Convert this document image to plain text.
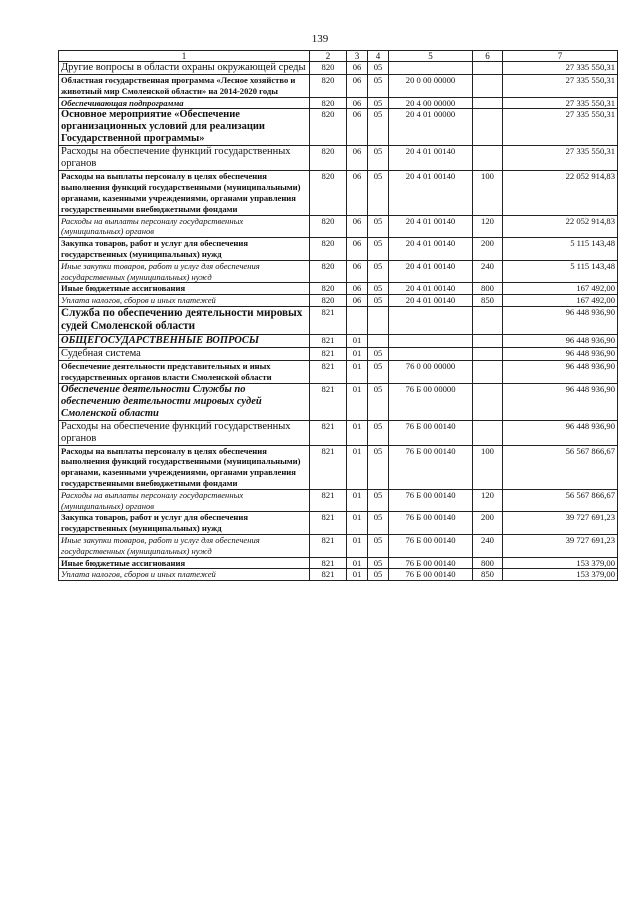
139
1	2	3	4	5	6	7
Другие вопросы в области охраны окружающей среды	820	06	05			27 335 550,31
Областная государственная программа «Лесное хозяйство и животный мир Смоленской области» на 2014-2020 годы	820	06	05	20 0 00 00000		27 335 550,31
Обеспечивающая подпрограмма	820	06	05	20 4 00 00000		27 335 550,31
Основное мероприятие «Обеспечение организационных условий для реализации Государственной программы»	820	06	05	20 4 01 00000		27 335 550,31
Расходы на обеспечение функций государственных органов	820	06	05	20 4 01 00140		27 335 550,31
Расходы на выплаты персоналу в целях обеспечения выполнения функций государственными (муниципальными) органами, казенными учреждениями, органами управления государственными внебюджетными фондами	820	06	05	20 4 01 00140	100	22 052 914,83
Расходы на выплаты персоналу государственных (муниципальных) органов	820	06	05	20 4 01 00140	120	22 052 914,83
Закупка товаров, работ и услуг для обеспечения государственных (муниципальных) нужд	820	06	05	20 4 01 00140	200	5 115 143,48
Иные закупки товаров, работ и услуг для обеспечения государственных (муниципальных) нужд	820	06	05	20 4 01 00140	240	5 115 143,48
Иные бюджетные ассигнования	820	06	05	20 4 01 00140	800	167 492,00
Уплата налогов, сборов и иных платежей	820	06	05	20 4 01 00140	850	167 492,00
Служба по обеспечению деятельности мировых судей Смоленской области	821					96 448 936,90
ОБЩЕГОСУДАРСТВЕННЫЕ ВОПРОСЫ	821	01				96 448 936,90
Судебная система	821	01	05			96 448 936,90
Обеспечение деятельности представительных и иных государственных органов власти Смоленской области	821	01	05	76 0 00 00000		96 448 936,90
Обеспечение деятельности Службы по обеспечению деятельности мировых судей Смоленской области	821	01	05	76 Б 00 00000		96 448 936,90
Расходы на обеспечение функций государственных органов	821	01	05	76 Б 00 00140		96 448 936,90
Расходы на выплаты персоналу в целях обеспечения выполнения функций государственными (муниципальными) органами, казенными учреждениями, органами управления государственными внебюджетными фондами	821	01	05	76 Б 00 00140	100	56 567 866,67
Расходы на выплаты персоналу государственных (муниципальных) органов	821	01	05	76 Б 00 00140	120	56 567 866,67
Закупка товаров, работ и услуг для обеспечения государственных (муниципальных) нужд	821	01	05	76 Б 00 00140	200	39 727 691,23
Иные закупки товаров, работ и услуг для обеспечения государственных (муниципальных) нужд	821	01	05	76 Б 00 00140	240	39 727 691,23
Иные бюджетные ассигнования	821	01	05	76 Б 00 00140	800	153 379,00
Уплата налогов, сборов и иных платежей	821	01	05	76 Б 00 00140	850	153 379,00
